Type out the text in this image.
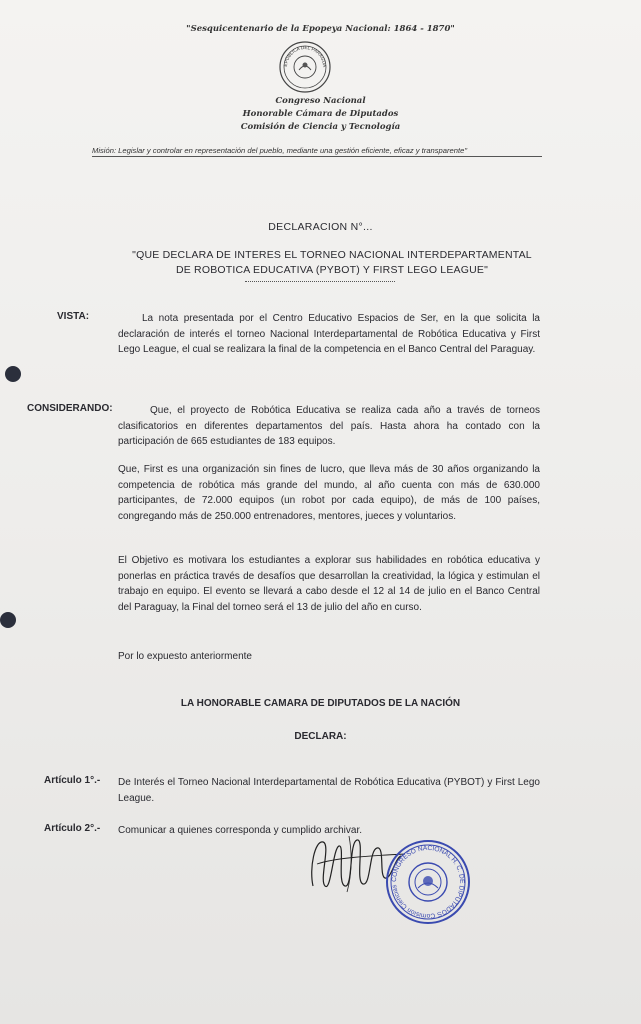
"Sesquicentenario de la Epopeya Nacional: 1864 - 1870"
EPÚBLICA DEL PARAGUA
Congreso Nacional
Honorable Cámara de Diputados
Comisión de Ciencia y Tecnología
Misión: Legislar y controlar en representación del pueblo, mediante una gestión eficiente, eficaz y transparente"
DECLARACION N°...
"QUE DECLARA DE INTERES EL TORNEO NACIONAL INTERDEPARTAMENTAL
DE ROBOTICA EDUCATIVA (PYBOT) Y FIRST LEGO LEAGUE"
VISTA:	La nota presentada por el Centro Educativo Espacios de Ser, en la que solicita la declaración de interés el torneo Nacional Interdepartamental de Robótica Educativa y First Lego League, el cual se realizara la final de la competencia en el Banco Central del Paraguay.
CONSIDERANDO:	Que, el proyecto de Robótica Educativa se realiza cada año a través de torneos clasificatorios en diferentes departamentos del país. Hasta ahora ha contado con la participación de 665 estudiantes de 183 equipos.
Que, First es una organización sin fines de lucro, que lleva más de 30 años organizando la competencia de robótica más grande del mundo, al año cuenta con más de 630.000 participantes, de 72.000 equipos (un robot por cada equipo), de más de 100 países, congregando más de 250.000 entrenadores, mentores, jueces y voluntarios.
El Objetivo es motivara los estudiantes a explorar sus habilidades en robótica educativa y ponerlas en práctica través de desafíos que desarrollan la creatividad, la lógica y estimulan el trabajo en equipo. El evento se llevará a cabo desde el 12 al 14 de julio en el Banco Central del Paraguay, la Final del torneo será el 13 de julio del año en curso.
Por lo expuesto anteriormente
LA HONORABLE CAMARA DE DIPUTADOS DE LA NACIÓN
DECLARA:
Artículo 1°.- De Interés el Torneo Nacional Interdepartamental de Robótica Educativa (PYBOT) y First Lego League.
Artículo 2°.- Comunicar a quienes corresponda y cumplido archivar.
CONGRESO NACIONAL H. C. DE DIPUTADOS Comisión Ciencias
